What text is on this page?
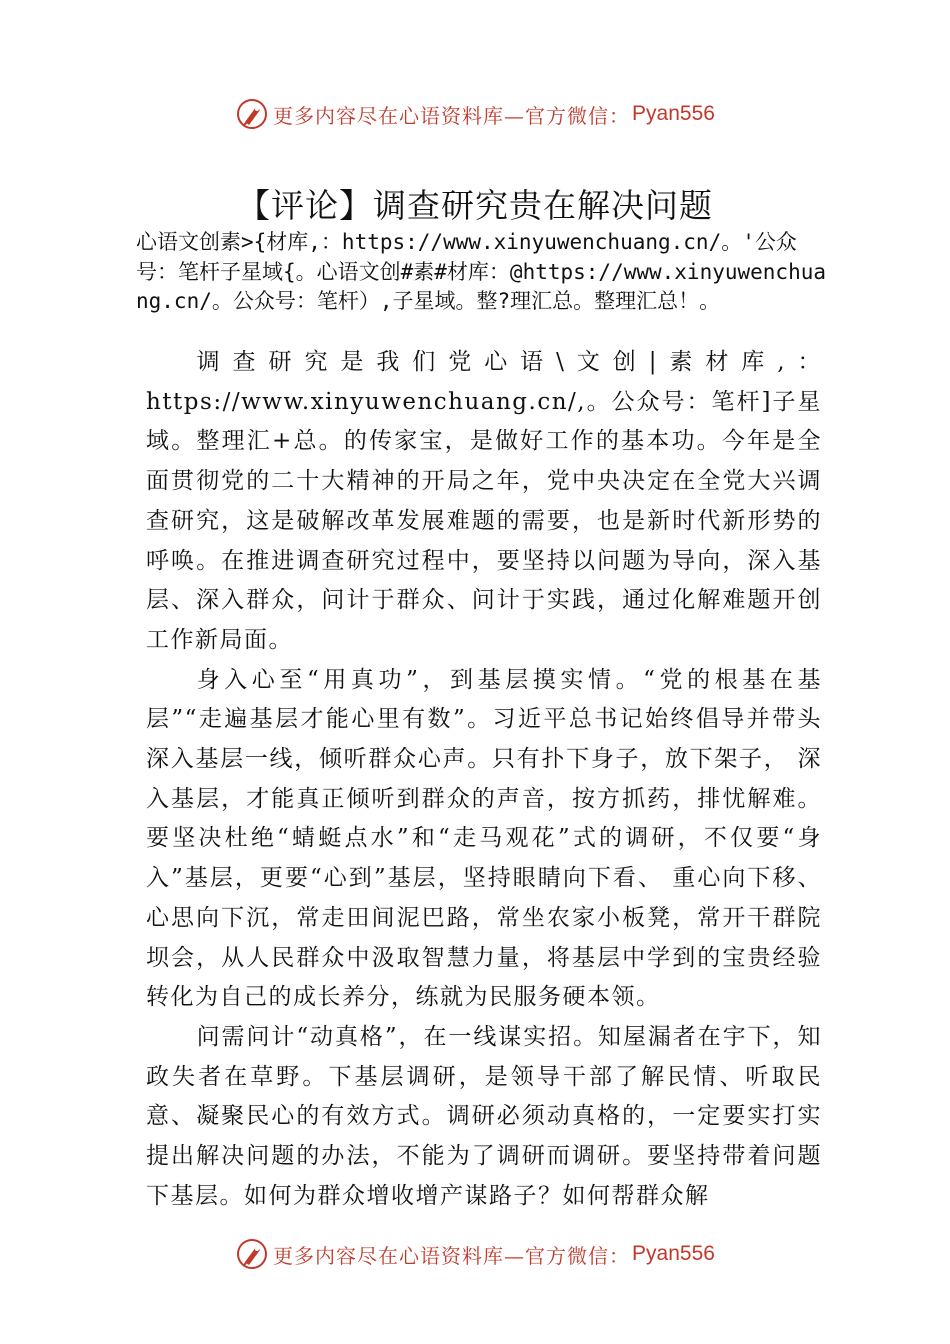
更多内容尽在心语资料库—官方微信： Pyan556
【评论】调查研究贵在解决问题
心语文创素>{材库,：https://www.xinyuwenchuang.cn/。'公众号：笔杆子星域{。心语文创#素#材库：@https://www.xinyuwenchuang.cn/。公众号：笔杆）,子星域。整?理汇总。整理汇总！。

调查研究是我们党心语\文创|素材库,：https://www.xinyuwenchuang.cn/,。公众号：笔杆]子星域。整理汇+总。的传家宝，是做好工作的基本功。今年是全面贯彻党的二十大精神的开局之年，党中央决定在全党大兴调查研究，这是破解改革发展难题的需要，也是新时代新形势的呼唤。在推进调查研究过程中，要坚持以问题为导向，深入基层、深入群众，问计于群众、问计于实践，通过化解难题开创工作新局面。

身入心至“用真功”，到基层摸实情。“党的根基在基层”“走遍基层才能心里有数”。习近平总书记始终倡导并带头深入基层一线，倾听群众心声。只有扑下身子，放下架子， 深入基层，才能真正倾听到群众的声音，按方抓药，排忧解难。要坚决杜绝“蜻蜓点水”和“走马观花”式的调研，不仅要“身入”基层，更要“心到”基层，坚持眼睛向下看、 重心向下移、心思向下沉，常走田间泥巴路，常坐农家小板凳，常开干群院坝会，从人民群众中汲取智慧力量，将基层中学到的宝贵经验转化为自己的成长养分，练就为民服务硬本领。

问需问计“动真格”，在一线谋实招。知屋漏者在宇下，知政失者在草野。下基层调研，是领导干部了解民情、听取民意、凝聚民心的有效方式。调研必须动真格的，一定要实打实提出解决问题的办法，不能为了调研而调研。要坚持带着问题下基层。如何为群众增收增产谋路子？如何帮群众解

更多内容尽在心语资料库—官方微信： Pyan556
